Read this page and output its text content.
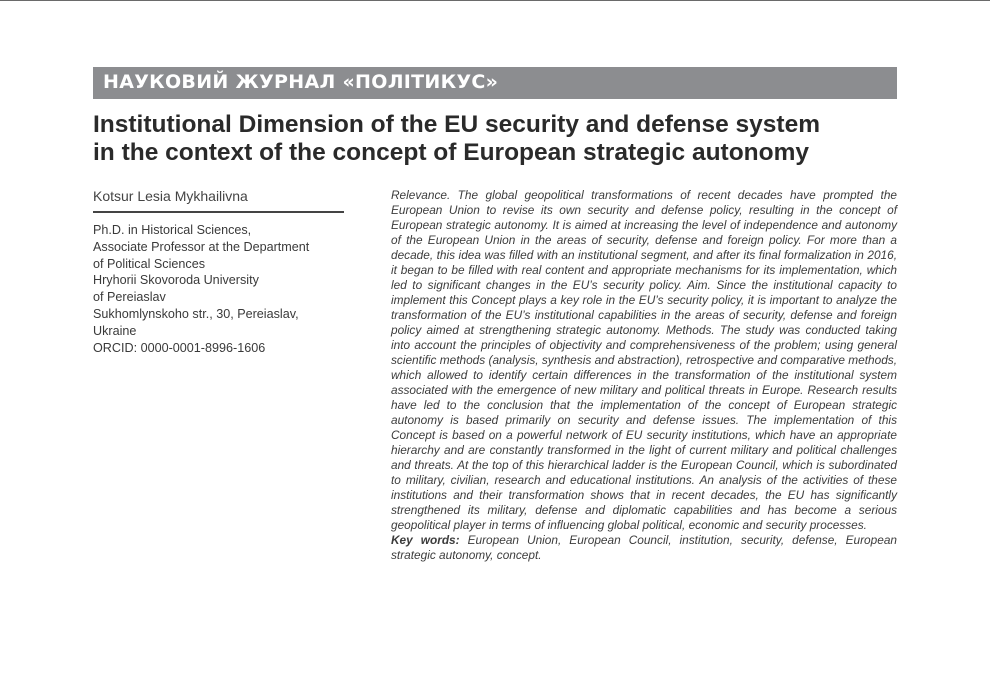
НАУКОВИЙ ЖУРНАЛ «ПОЛІТИКУС»
Institutional Dimension of the EU security and defense system
in the context of the concept of European strategic autonomy
Kotsur Lesia Mykhailivna
Ph.D. in Historical Sciences,
Associate Professor at the Department
of Political Sciences
Hryhorii Skovoroda University
of Pereiaslav
Sukhomlynskoho str., 30, Pereiaslav,
Ukraine
ORCID: 0000-0001-8996-1606

Relevance. The global geopolitical transformations of recent decades have prompted the European Union to revise its own security and defense policy, resulting in the concept of European strategic autonomy. It is aimed at increasing the level of independence and autonomy of the European Union in the areas of security, defense and foreign policy. For more than a decade, this idea was filled with an institutional segment, and after its final formalization in 2016, it began to be filled with real content and appropriate mechanisms for its implementation, which led to significant changes in the EU’s security policy. Aim. Since the institutional capacity to implement this Concept plays a key role in the EU’s security policy, it is important to analyze the transformation of the EU’s institutional capabilities in the areas of security, defense and foreign policy aimed at strengthening strategic autonomy. Methods. The study was conducted taking into account the principles of objectivity and comprehensiveness of the problem; using general scientific methods (analysis, synthesis and abstraction), retrospective and comparative methods, which allowed to identify certain differences in the transformation of the institutional system associated with the emergence of new military and political threats in Europe. Research results have led to the conclusion that the implementation of the concept of European strategic autonomy is based primarily on security and defense issues. The implementation of this Concept is based on a powerful network of EU security institutions, which have an appropriate hierarchy and are constantly transformed in the light of current military and political challenges and threats. At the top of this hierarchical ladder is the European Council, which is subordinated to military, civilian, research and educational institutions. An analysis of the activities of these institutions and their transformation shows that in recent decades, the EU has significantly strengthened its military, defense and diplomatic capabilities and has become a serious geopolitical player in terms of influencing global political, economic and security processes.

Key words: European Union, European Council, institution, security, defense, European strategic autonomy, concept.
